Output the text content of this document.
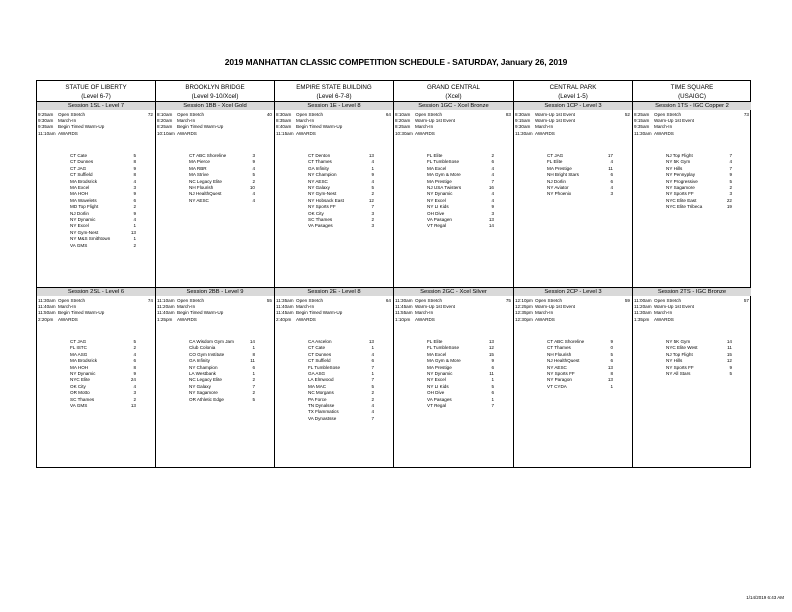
2019 MANHATTAN CLASSIC COMPETITION SCHEDULE - SATURDAY, January 26, 2019
STATUE OF LIBERTY
(Level 6-7)
BROOKLYN BRIDGE
(Level 9-10/Xcel)
EMPIRE STATE BUILDING
(Level 6-7-8)
GRAND CENTRAL
(Xcel)
CENTRAL PARK
(Level 1-5)
TIME SQUARE
(USAIGC)
Session 1SL - Level 7
9:25am	Open Stretch	72
9:30am	March-In
9:35am	Begin Timed Warm-Up
11:10am AWARDS
CT Cate	5
CT Dunnes	8
CT JAG	9
CT Suffield	8
MA Brodsrick	4
MA Excel	3
MA HOH	9
MA Wavelets	6
MD Top Flight	2
NJ Dorlin	9
NY Dynamic	4
NY Excel	1
NY Gym-Nest	13
NY M&S Smithtown	1
VA GMS	2
Session 1BB - Xcel Gold
8:10am	Open Stretch	40
8:20am	March-In
8:25am	Begin Timed Warm-Up
10:10am AWARDS
CT ABC Shoreline	3
MA Pierce	9
MA RBR	4
MA Strive	5
NC Legacy Elite	2
NH Flourish	10
NJ HealthQuest	4
NY AESC	4
Session 1E - Level 8
8:30am	Open Stretch	64
8:35am	March-In
8:40am	Begin Timed Warm-Up
11:15am AWARDS
CT Denton	13
CT Thames	4
GA Infinity	1
NY Champion	9
NY AESC	4
NY Galaxy	5
NY Gym-Nest	2
NY Hobsack East	12
NY Sports FF	7
OK City	3
SC Thames	2
VA Pasages	3
Session 1GC - Xcel Bronze
8:10am	Open Stretch	83
8:20am	Warm-Up 1st Event
8:25am	March-In
10:30am AWARDS
FL Elite	2
FL TumbleSose	6
MA Excel	4
MA Gym & More	4
MA Prestige	7
NJ USA Twisters	16
NY Dynamic	4
NY Excel	4
NY LI Kids	9
OH Dive	3
VA Pasagen	13
VT Regal	14
Session 1CP - Level 3
8:30am	Warm-Up 1st Event	52
9:15am	Warm-Up 1st Event
9:30am	March-In
11:30am AWARDS
CT JAG	17
FL Elite	4
MA Prestige	11
NH Bright Stars	6
NJ Dorlin	6
NY Aviator	4
NY Phoenix	3
Session 1TS - IGC Copper 2
8:25am	Open Stretch	73
9:15am	Warm-Up 1st Event
9:35am	March-In
11:30am AWARDS
NJ Top Flight	7
NY 5K Gym	4
NY Hills	7
NY Pennyplay	9
NY Progressive	5
NY Sagamore	2
NY Sports FF	3
NYC Elite East	22
NYC Elite Tribeca	19
Session 2SL - Level 6
11:30am Open Stretch	74
11:40am March-In
11:50am Begin Timed Warm-Up
2:20pm	AWARDS
CT JAG	5
FL ISTC	2
MA ASG	4
MA Brodsrick	6
MA HOH	8
NY Dynamic	9
NYC Elite	24
OK City	4
OR Motto	3
SC Thames	2
VA GMS	13
Session 2BB - Level 9
11:10am Open Stretch	55
11:20am March-In
11:40am Begin Timed Warm-Up
1:25pm	AWARDS
CA Wisdom Gym Jam	14
Club Colonia	1
CO Gym Institute	8
GA Infinity	11
NY Champion	6
LA Westbank	1
NC Legacy Elite	2
NY Galaxy	7
NY Sagamore	2
OR Athletic Edge	5
Session 2E - Level 8
11:35am Open Stretch	64
11:40am March-In
11:45am Begin Timed Warm-Up
2:40pm	AWARDS
CA Ascelon	13
CT Cate	1
CT Dunnes	4
CT Suffield	6
FL TumbleSose	7
GA ASG	1
LA Elmwood	7
MA MAC	5
NC Morgans	2
PA Force	2
TN Dynalsse	4
TX Flammatics	4
VA Dynastsse	7
Session 2GC - Xcel Silver
11:30am Open Stretch	75
11:45am Warm-Up 1st Event
11:55am March-In
1:10pm	AWARDS
FL Elite	13
FL TumbleSose	12
MA Excel	15
MA Gym & More	9
MA Prestige	6
NY Dynamic	11
NY Excel	1
NY LI Kids	5
OH Dive	6
VA Pasages	1
VT Regal	7
Session 2CP - Level 3
12:10pm Open Stretch	59
12:25pm Warm-Up 1st Event
12:35pm March-In
12:30pm AWARDS
CT ABC Shoreline	9
CT Thames	0
NH Flourish	5
NJ HealthQuest	6
NY AESC	13
NY Sports FF	8
NY Paragon	13
VT CYDA	1
Session 2TS - IGC Bronze
11:00am Open Stretch	57
11:20am Warm-Up 1st Event
11:30am March-In
1:35pm	AWARDS
NY 5K Gym	14
NYC Elite West	11
NJ Top Flight	15
NY Hills	12
NY Sports FF	9
NY All Stars	5
1/14/2019 6:43 AM
